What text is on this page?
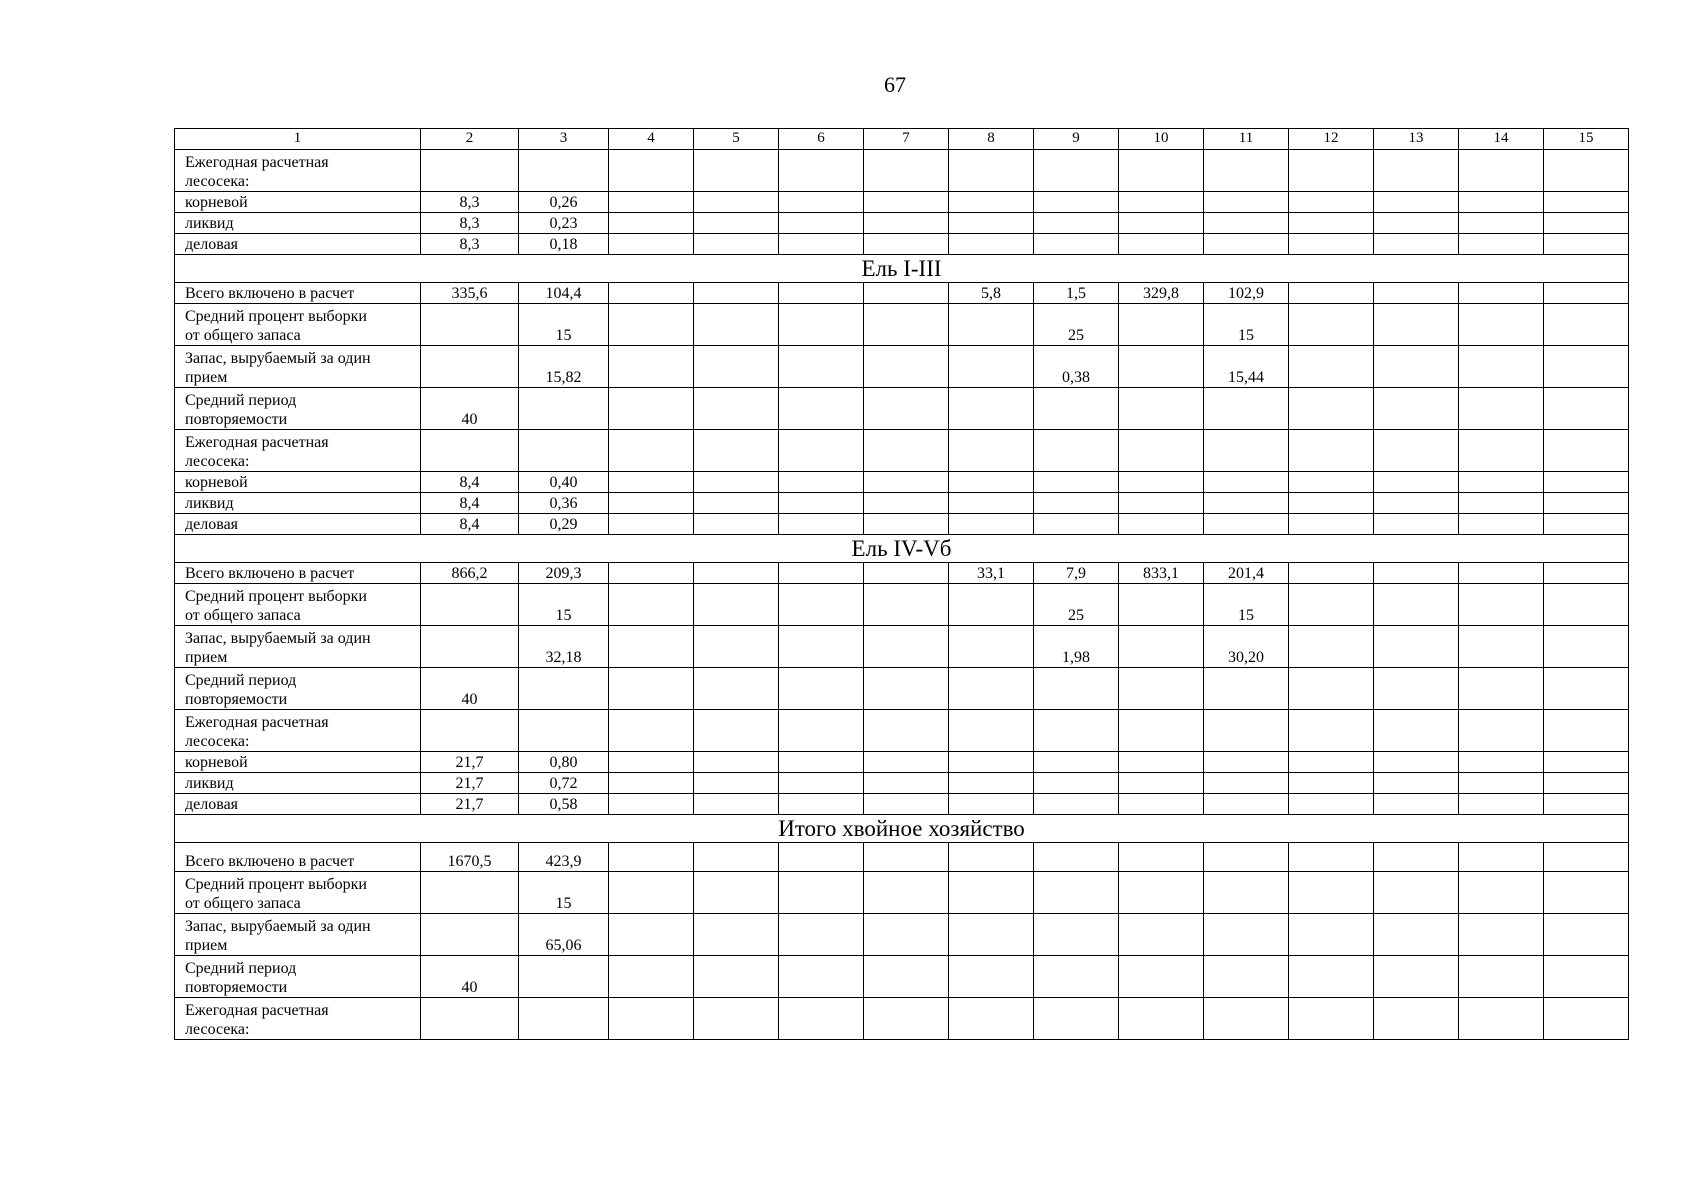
67
1	2	3	4	5	6	7	8	9	10	11	12	13	14	15
Ежегодная расчетная
лесосека:														
корневой	8,3	0,26												
ликвид	8,3	0,23												
деловая	8,3	0,18												
Ель I-III														
Всего включено в расчет	335,6	104,4					5,8	1,5	329,8	102,9				
Средний процент выборки
от общего запаса		15						25		15				
Запас, вырубаемый за один
прием		15,82						0,38		15,44				
Средний период
повторяемости	40													
Ежегодная расчетная
лесосека:														
корневой	8,4	0,40												
ликвид	8,4	0,36												
деловая	8,4	0,29												
Ель IV-Vб														
Всего включено в расчет	866,2	209,3					33,1	7,9	833,1	201,4				
Средний процент выборки
от общего запаса		15						25		15				
Запас, вырубаемый за один
прием		32,18						1,98		30,20				
Средний период
повторяемости	40													
Ежегодная расчетная
лесосека:														
корневой	21,7	0,80												
ликвид	21,7	0,72												
деловая	21,7	0,58												
Итого хвойное хозяйство														
Всего включено в расчет	1670,5	423,9												
Средний процент выборки
от общего запаса		15												
Запас, вырубаемый за один
прием		65,06												
Средний период
повторяемости	40													
Ежегодная расчетная
лесосека:														
